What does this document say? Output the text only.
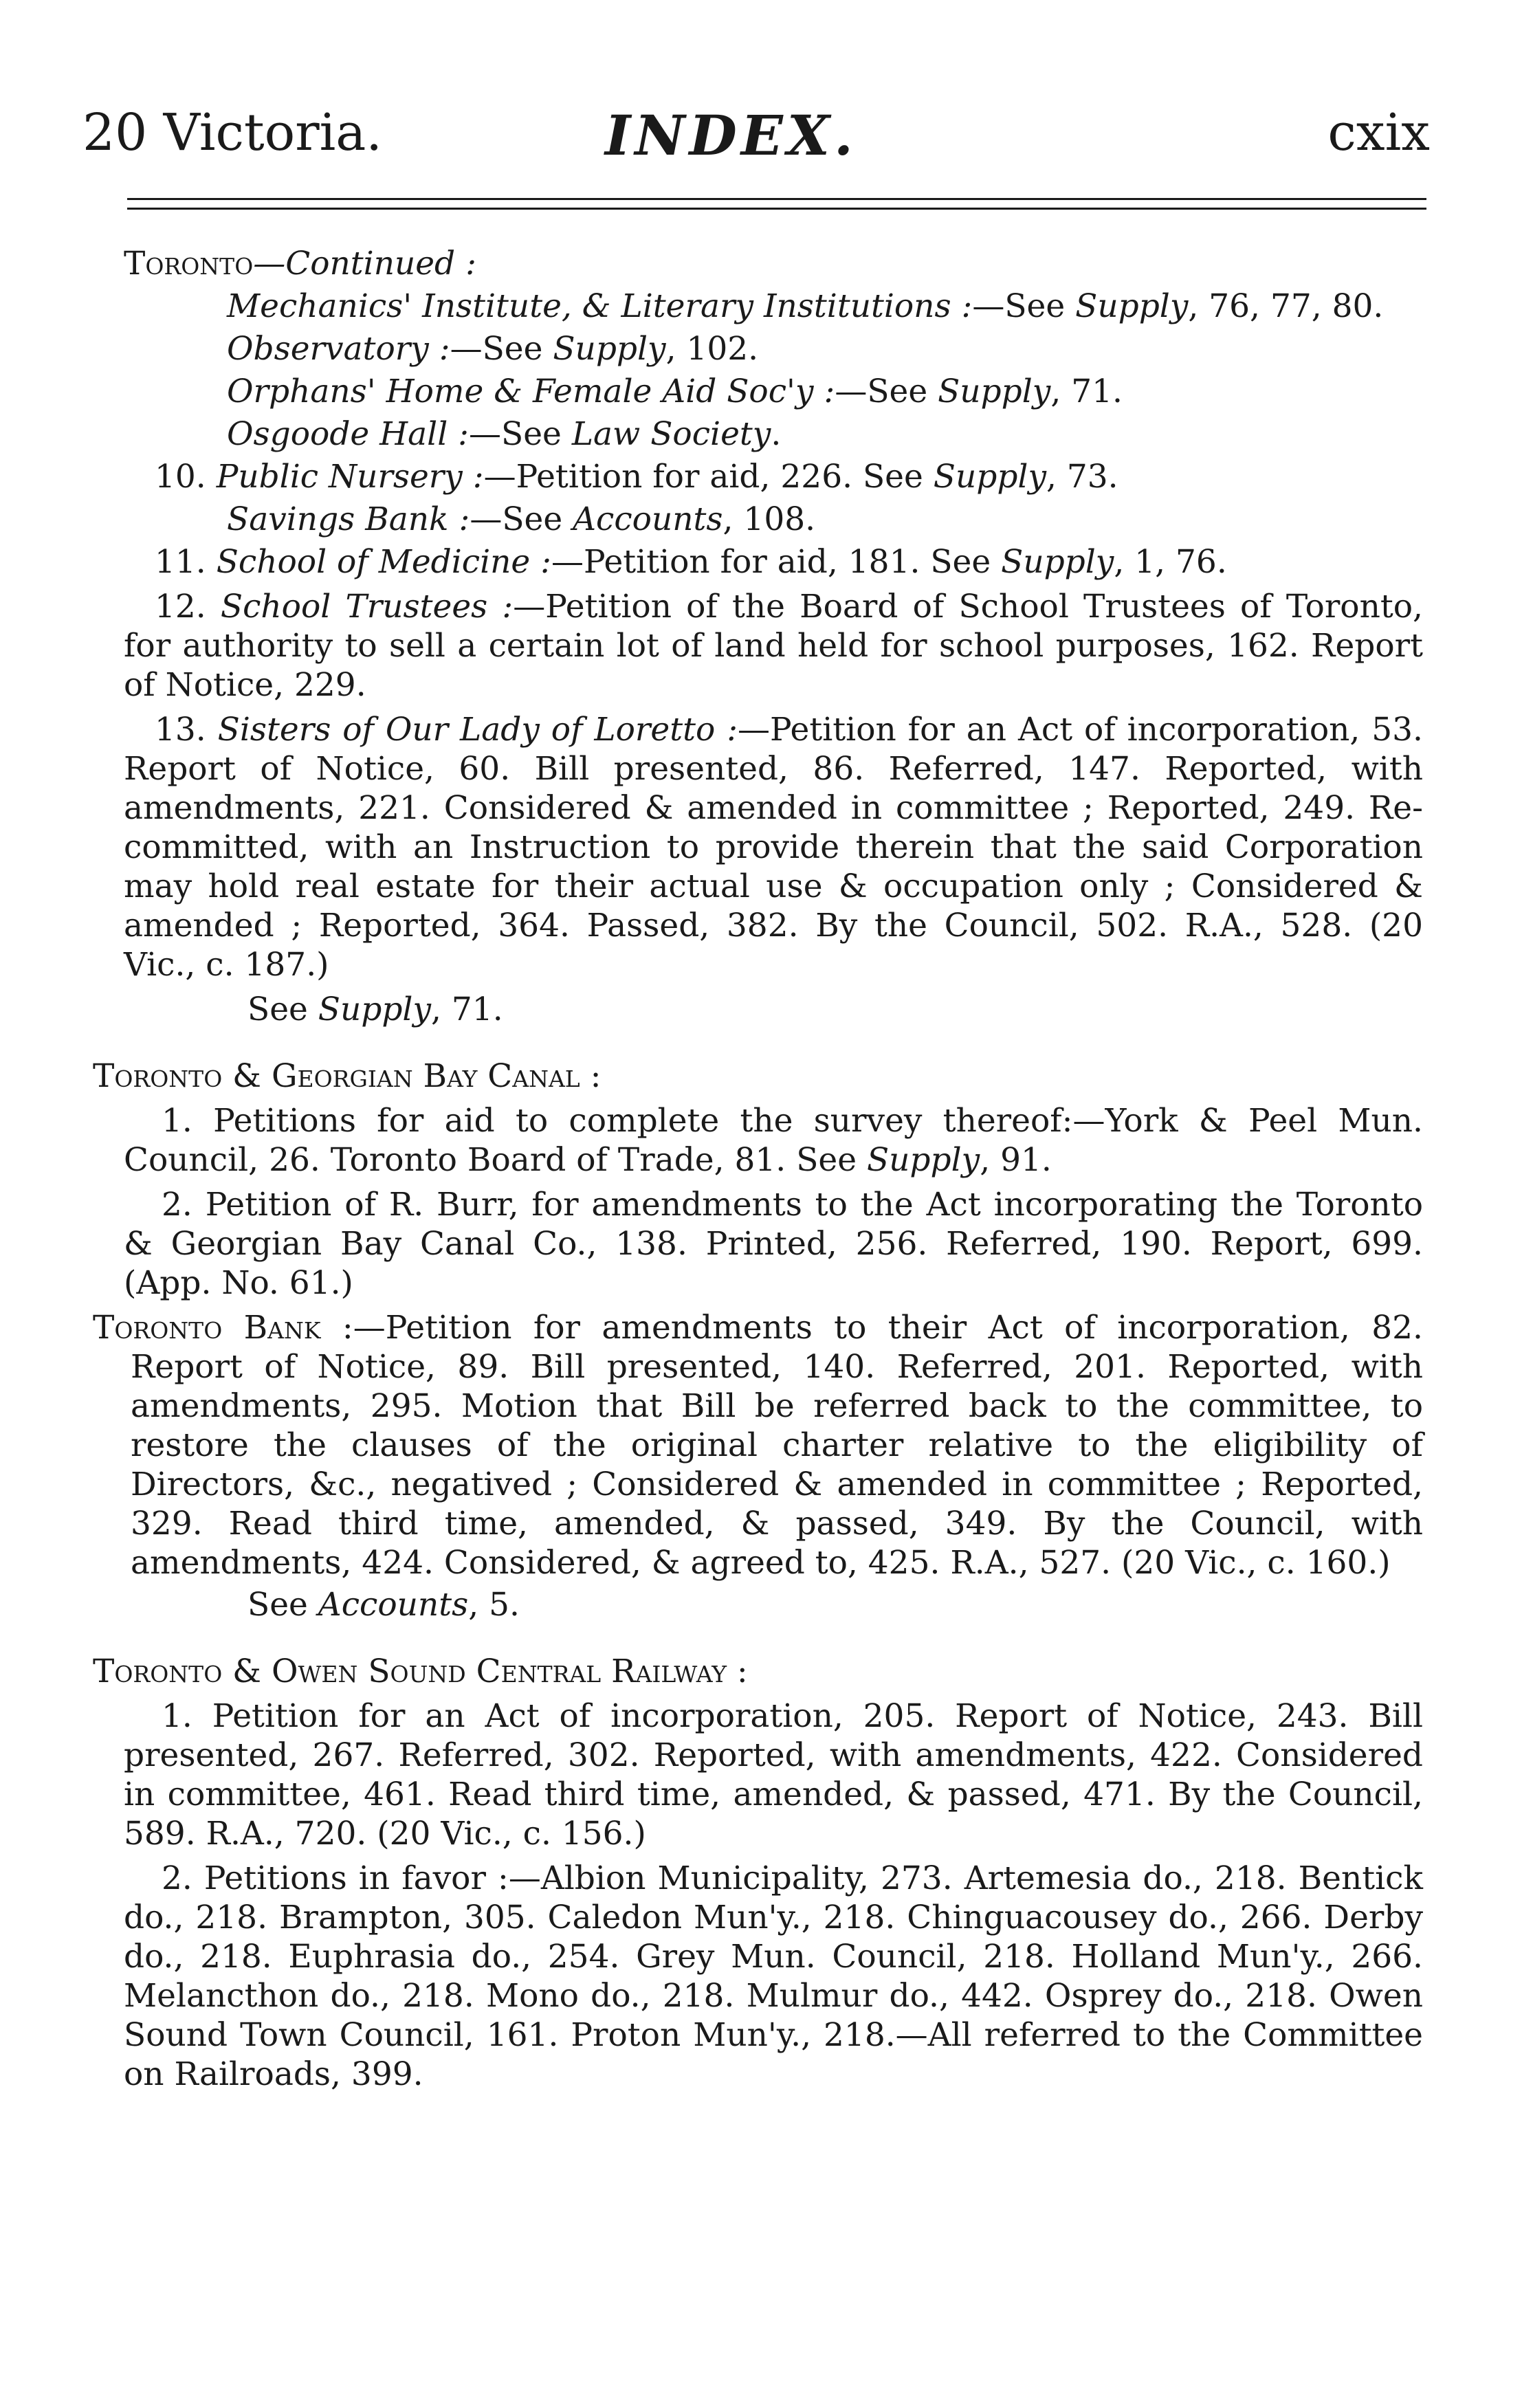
20 Victoria.	INDEX.	cxix

Toronto—Continued :

Mechanics' Institute, & Literary Institutions :—See Supply, 76, 77, 80.

Observatory :—See Supply, 102.

Orphans' Home & Female Aid Soc'y :—See Supply, 71.

Osgoode Hall :—See Law Society.

10. Public Nursery :—Petition for aid, 226. See Supply, 73.

Savings Bank :—See Accounts, 108.

11. School of Medicine :—Petition for aid, 181. See Supply, 1, 76.

12. School Trustees :—Petition of the Board of School Trustees of Toronto, for authority to sell a certain lot of land held for school purposes, 162. Report of Notice, 229.

13. Sisters of Our Lady of Loretto :—Petition for an Act of incorporation, 53. Report of Notice, 60. Bill presented, 86. Referred, 147. Reported, with amendments, 221. Considered & amended in committee ; Reported, 249. Re-committed, with an Instruction to provide therein that the said Corporation may hold real estate for their actual use & occupation only ; Considered & amended ; Reported, 364. Passed, 382. By the Council, 502. R.A., 528. (20 Vic., c. 187.)

See Supply, 71.

Toronto & Georgian Bay Canal :

1. Petitions for aid to complete the survey thereof:—York & Peel Mun. Council, 26. Toronto Board of Trade, 81. See Supply, 91.

2. Petition of R. Burr, for amendments to the Act incorporating the Toronto & Georgian Bay Canal Co., 138. Printed, 256. Referred, 190. Report, 699. (App. No. 61.)

Toronto Bank :—Petition for amendments to their Act of incorporation, 82. Report of Notice, 89. Bill presented, 140. Referred, 201. Reported, with amendments, 295. Motion that Bill be referred back to the committee, to restore the clauses of the original charter relative to the eligibility of Directors, &c., negatived ; Considered & amended in committee ; Reported, 329. Read third time, amended, & passed, 349. By the Council, with amendments, 424. Considered, & agreed to, 425. R.A., 527. (20 Vic., c. 160.)

See Accounts, 5.

Toronto & Owen Sound Central Railway :

1. Petition for an Act of incorporation, 205. Report of Notice, 243. Bill presented, 267. Referred, 302. Reported, with amendments, 422. Considered in committee, 461. Read third time, amended, & passed, 471. By the Council, 589. R.A., 720. (20 Vic., c. 156.)

2. Petitions in favor :—Albion Municipality, 273. Artemesia do., 218. Bentick do., 218. Brampton, 305. Caledon Mun'y., 218. Chinguacousey do., 266. Derby do., 218. Euphrasia do., 254. Grey Mun. Council, 218. Holland Mun'y., 266. Melancthon do., 218. Mono do., 218. Mulmur do., 442. Osprey do., 218. Owen Sound Town Council, 161. Proton Mun'y., 218.—All referred to the Committee on Railroads, 399.
